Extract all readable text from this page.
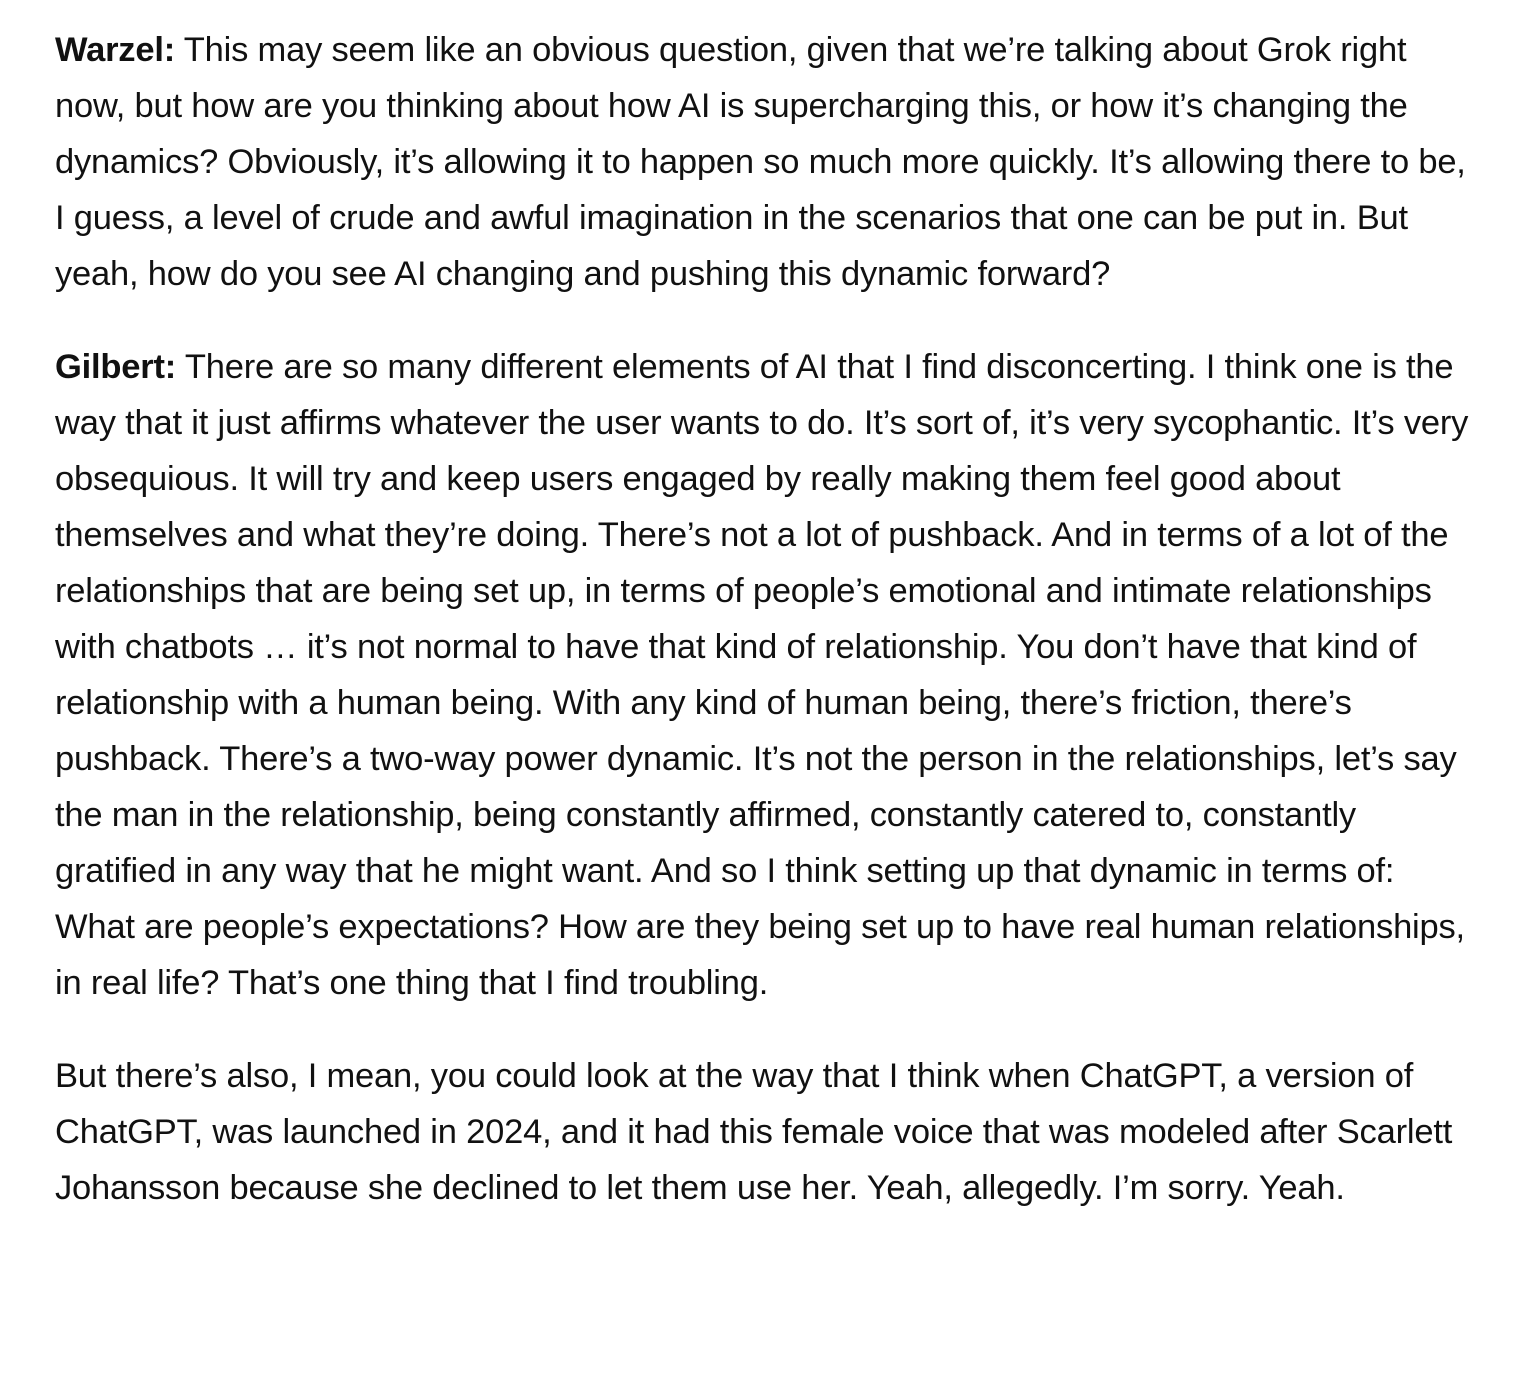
Warzel: This may seem like an obvious question, given that we’re talking about Grok right now, but how are you thinking about how AI is supercharging this, or how it’s changing the dynamics? Obviously, it’s allowing it to happen so much more quickly. It’s allowing there to be, I guess, a level of crude and awful imagination in the scenarios that one can be put in. But yeah, how do you see AI changing and pushing this dynamic forward?

Gilbert: There are so many different elements of AI that I find disconcerting. I think one is the way that it just affirms whatever the user wants to do. It’s sort of, it’s very sycophantic. It’s very obsequious. It will try and keep users engaged by really making them feel good about themselves and what they’re doing. There’s not a lot of pushback. And in terms of a lot of the relationships that are being set up, in terms of people’s emotional and intimate relationships with chatbots … it’s not normal to have that kind of relationship. You don’t have that kind of relationship with a human being. With any kind of human being, there’s friction, there’s pushback. There’s a two-way power dynamic. It’s not the person in the relationships, let’s say the man in the relationship, being constantly affirmed, constantly catered to, constantly gratified in any way that he might want. And so I think setting up that dynamic in terms of: What are people’s expectations? How are they being set up to have real human relationships, in real life? That’s one thing that I find troubling.

But there’s also, I mean, you could look at the way that I think when ChatGPT, a version of ChatGPT, was launched in 2024, and it had this female voice that was modeled after Scarlett Johansson because she declined to let them use her. Yeah, allegedly. I’m sorry. Yeah.
